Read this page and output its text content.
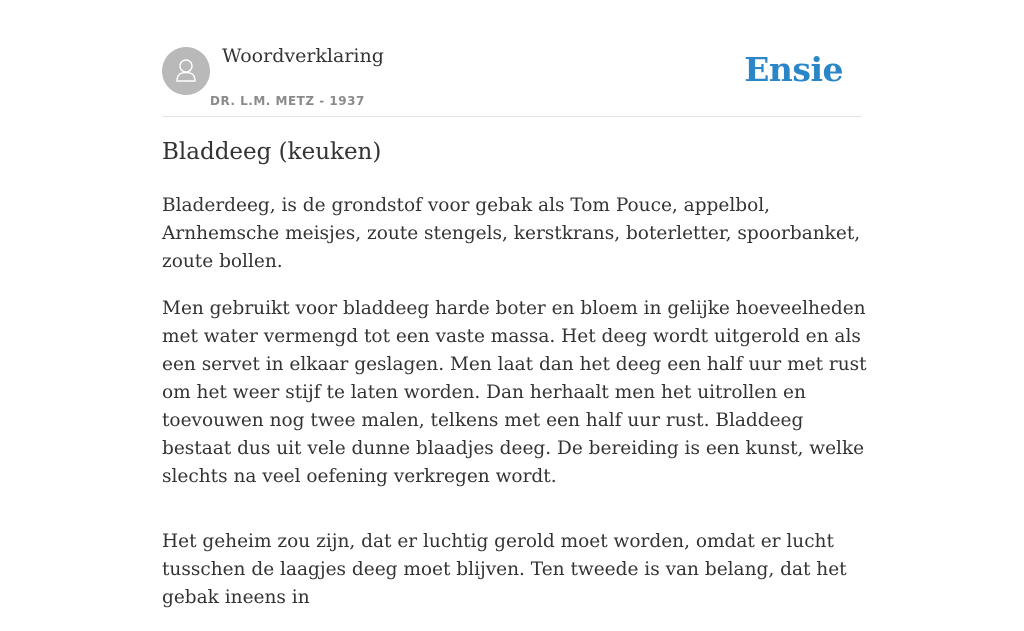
Woordverklaring
DR. L.M. METZ - 1937
Ensie
Bladdeeg (keuken)

Bladerdeeg, is de grondstof voor gebak als Tom Pouce, appelbol, Arnhemsche meisjes, zoute stengels, kerstkrans, boterletter, spoorbanket, zoute bollen.

Men gebruikt voor bladdeeg harde boter en bloem in gelijke hoeveelheden met water vermengd tot een vaste massa. Het deeg wordt uitgerold en als een servet in elkaar geslagen. Men laat dan het deeg een half uur met rust om het weer stijf te laten worden. Dan herhaalt men het uitrollen en toevouwen nog twee malen, telkens met een half uur rust. Bladdeeg bestaat dus uit vele dunne blaadjes deeg. De bereiding is een kunst, welke slechts na veel oefening verkregen wordt.

Het geheim zou zijn, dat er luchtig gerold moet worden, omdat er lucht tusschen de laagjes deeg moet blijven. Ten tweede is van belang, dat het gebak ineens in
